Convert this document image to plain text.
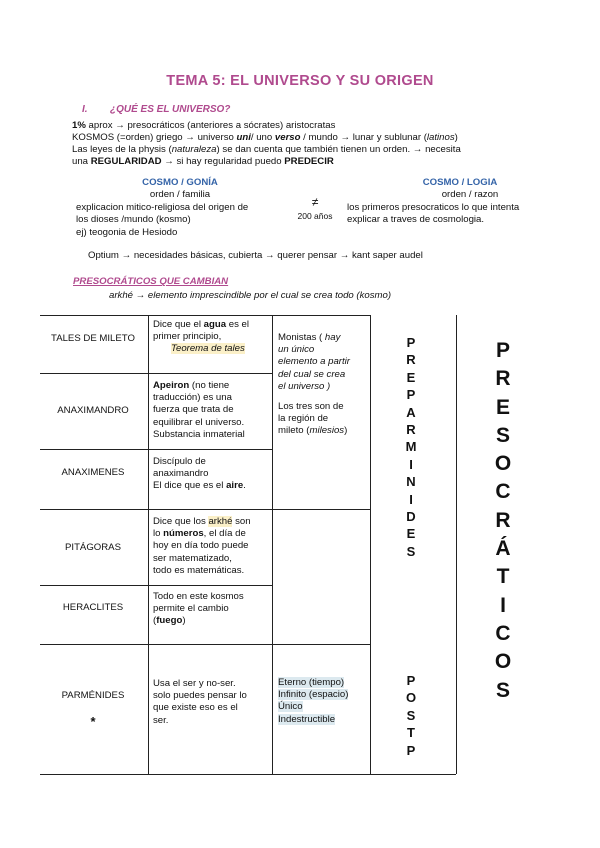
TEMA 5: EL UNIVERSO Y SU ORIGEN
I. ¿QUÉ ES EL UNIVERSO?
1% aprox → presocráticos (anteriores a sócrates) aristocratas
KOSMOS (=orden) griego → universo uni/ uno verso / mundo → lunar y sublunar (latinos)
Las leyes de la physis (naturaleza) se dan cuenta que también tienen un orden. → necesita
una REGULARIDAD → si hay regularidad puedo PREDECIR
COSMO / GONÍA
orden / familia
explicacion mitico-religiosa del origen de
los dioses /mundo (kosmo)
ej) teogonia de Hesiodo
≠
200 años
COSMO / LOGIA
orden / razon
los primeros presocraticos lo que intenta
explicar a traves de cosmologia.
Optium → necesidades básicas, cubierta → querer pensar → kant saper audel
PRESOCRÁTICOS QUE CAMBIAN
arkhé → elemento imprescindible por el cual se crea todo (kosmo)
TALES DE MILETO
ANAXIMANDRO
ANAXIMENES
PITÁGORAS
HERACLITES
PARMÉNIDES
*
Dice que el agua es el
primer principio,
Teorema de tales
Apeiron (no tiene
traducción) es una
fuerza que trata de
equilibrar el universo.
Substancia inmaterial
Discípulo de
anaximandro
El dice que es el aire.
Dice que los arkhé son
lo números, el día de
hoy en día todo puede
ser matematizado,
todo es matemáticas.
Todo en este kosmos
permite el cambio
(fuego)
Usa el ser y no-ser.
solo puedes pensar lo
que existe eso es el
ser.
Monistas ( hay
un único
elemento a partir
del cual se crea
el universo )
Los tres son de
la región de
mileto (milesios)
Eterno (tiempo)
Infinito (espacio)
Único
Indestructible
P
R
E
P
A
R
M
I
N
I
D
E
S
P
O
S
T
P
P
R
E
S
O
C
R
Á
T
I
C
O
S
